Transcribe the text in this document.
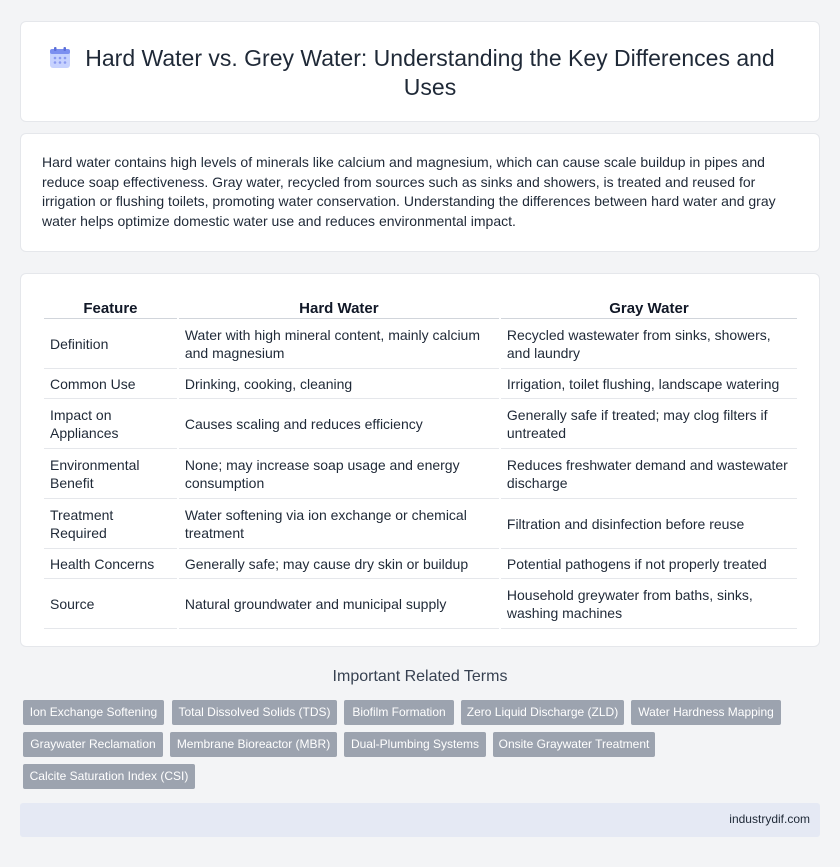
Hard Water vs. Grey Water: Understanding the Key Differences and Uses

Hard water contains high levels of minerals like calcium and magnesium, which can cause scale buildup in pipes and reduce soap effectiveness. Gray water, recycled from sources such as sinks and showers, is treated and reused for irrigation or flushing toilets, promoting water conservation. Understanding the differences between hard water and gray water helps optimize domestic water use and reduces environmental impact.

Feature	Hard Water	Gray Water
Definition	Water with high mineral content, mainly calcium and magnesium	Recycled wastewater from sinks, showers, and laundry
Common Use	Drinking, cooking, cleaning	Irrigation, toilet flushing, landscape watering
Impact on Appliances	Causes scaling and reduces efficiency	Generally safe if treated; may clog filters if untreated
Environmental Benefit	None; may increase soap usage and energy consumption	Reduces freshwater demand and wastewater discharge
Treatment Required	Water softening via ion exchange or chemical treatment	Filtration and disinfection before reuse
Health Concerns	Generally safe; may cause dry skin or buildup	Potential pathogens if not properly treated
Source	Natural groundwater and municipal supply	Household greywater from baths, sinks, washing machines
Important Related Terms
Ion Exchange Softening	Total Dissolved Solids (TDS)	Biofilm Formation	Zero Liquid Discharge (ZLD)	Water Hardness Mapping
Graywater Reclamation	Membrane Bioreactor (MBR)	Dual-Plumbing Systems	Onsite Graywater Treatment
Calcite Saturation Index (CSI)
industrydif.com
